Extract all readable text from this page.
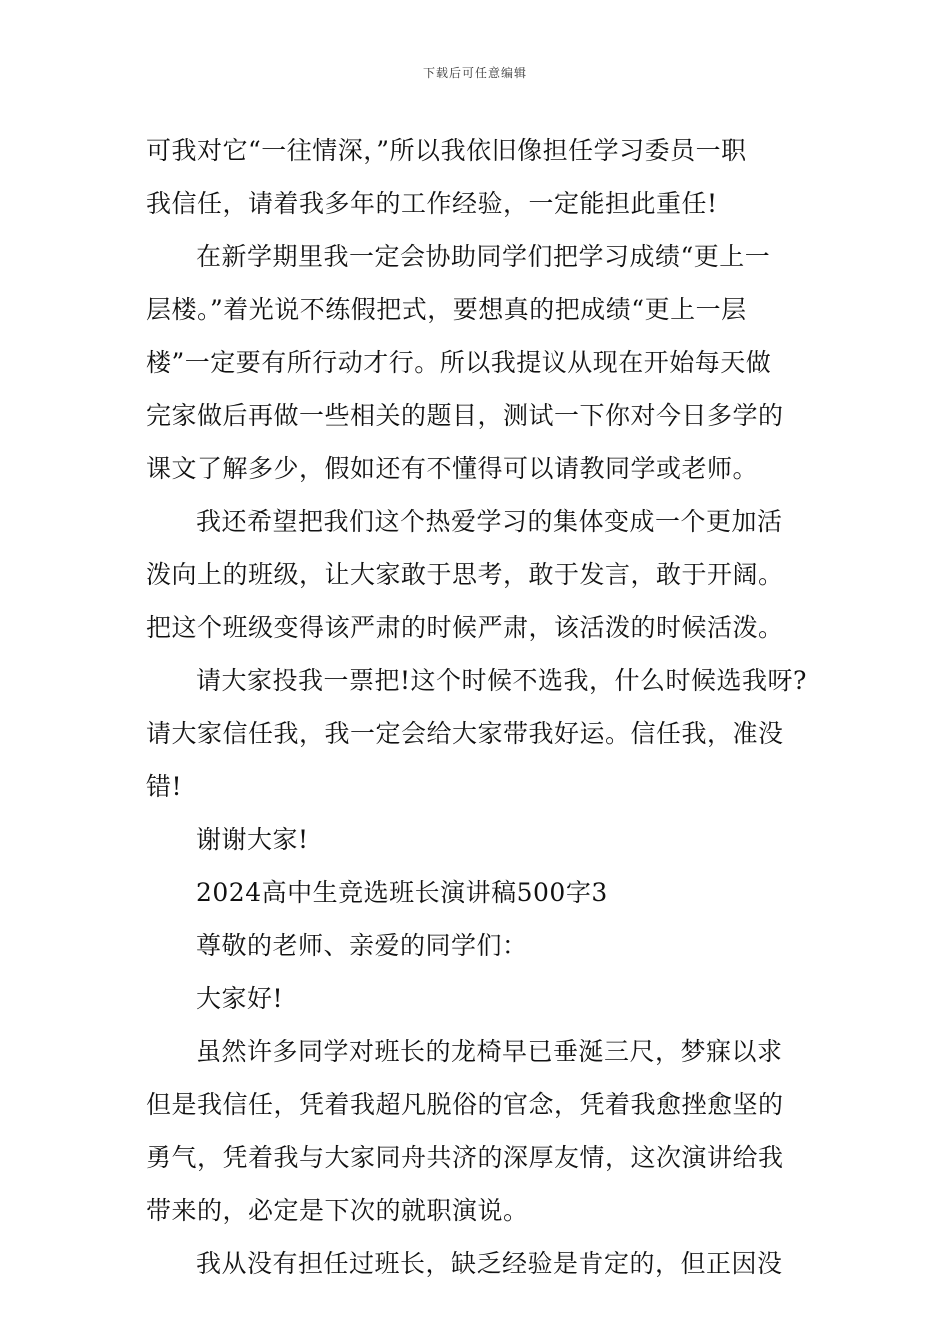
下载后可任意编辑
可我对它“一往情深，”所以我依旧像担任学习委员一职
我信任，请着我多年的工作经验，一定能担此重任!
在新学期里我一定会协助同学们把学习成绩“更上一
层楼。”着光说不练假把式，要想真的把成绩“更上一层
楼”一定要有所行动才行。所以我提议从现在开始每天做
完家做后再做一些相关的题目，测试一下你对今日多学的
课文了解多少，假如还有不懂得可以请教同学或老师。
我还希望把我们这个热爱学习的集体变成一个更加活
泼向上的班级，让大家敢于思考，敢于发言，敢于开阔。
把这个班级变得该严肃的时候严肃，该活泼的时候活泼。
请大家投我一票把!这个时候不选我，什么时候选我呀?
请大家信任我，我一定会给大家带我好运。信任我，准没
错!
谢谢大家!
2024高中生竞选班长演讲稿500字3
尊敬的老师、亲爱的同学们：
大家好!
虽然许多同学对班长的龙椅早已垂涎三尺，梦寐以求
但是我信任，凭着我超凡脱俗的官念，凭着我愈挫愈坚的
勇气，凭着我与大家同舟共济的深厚友情，这次演讲给我
带来的，必定是下次的就职演说。
我从没有担任过班长，缺乏经验是肯定的，但正因没
